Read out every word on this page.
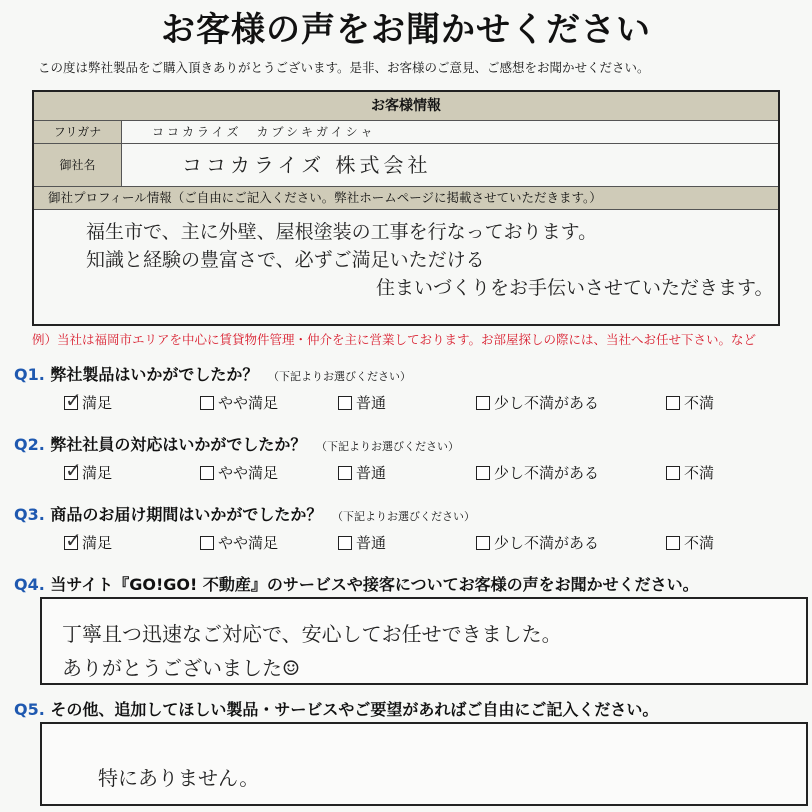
お客様の声をお聞かせください
この度は弊社製品をご購入頂きありがとうございます。是非、お客様のご意見、ご感想をお聞かせください。
お客様情報
フリガナ	ココカライズ　カブシキガイシャ
御社名	ココカライズ 株式会社
御社プロフィール情報（ご自由にご記入ください。弊社ホームページに掲載させていただきます。）
福生市で、主に外壁、屋根塗装の工事を行なっております。
知識と経験の豊富さで、必ずご満足いただける
住まいづくりをお手伝いさせていただきます。
例）当社は福岡市エリアを中心に賃貸物件管理・仲介を主に営業しております。お部屋探しの際には、当社へお任せ下さい。など
Q1. 弊社製品はいかがでしたか？ （下記よりお選びください）
✓
満足	やや満足	普通	少し不満がある	不満
Q2. 弊社社員の対応はいかがでしたか？ （下記よりお選びください）
✓
満足	やや満足	普通	少し不満がある	不満
Q3. 商品のお届け期間はいかがでしたか？ （下記よりお選びください）
✓
満足	やや満足	普通	少し不満がある	不満
Q4. 当サイト『GO!GO! 不動産』のサービスや接客についてお客様の声をお聞かせください。
丁寧且つ迅速なご対応で、安心してお任せできました。
ありがとうございました☺
Q5. その他、追加してほしい製品・サービスやご要望があればご自由にご記入ください。
特にありません。
